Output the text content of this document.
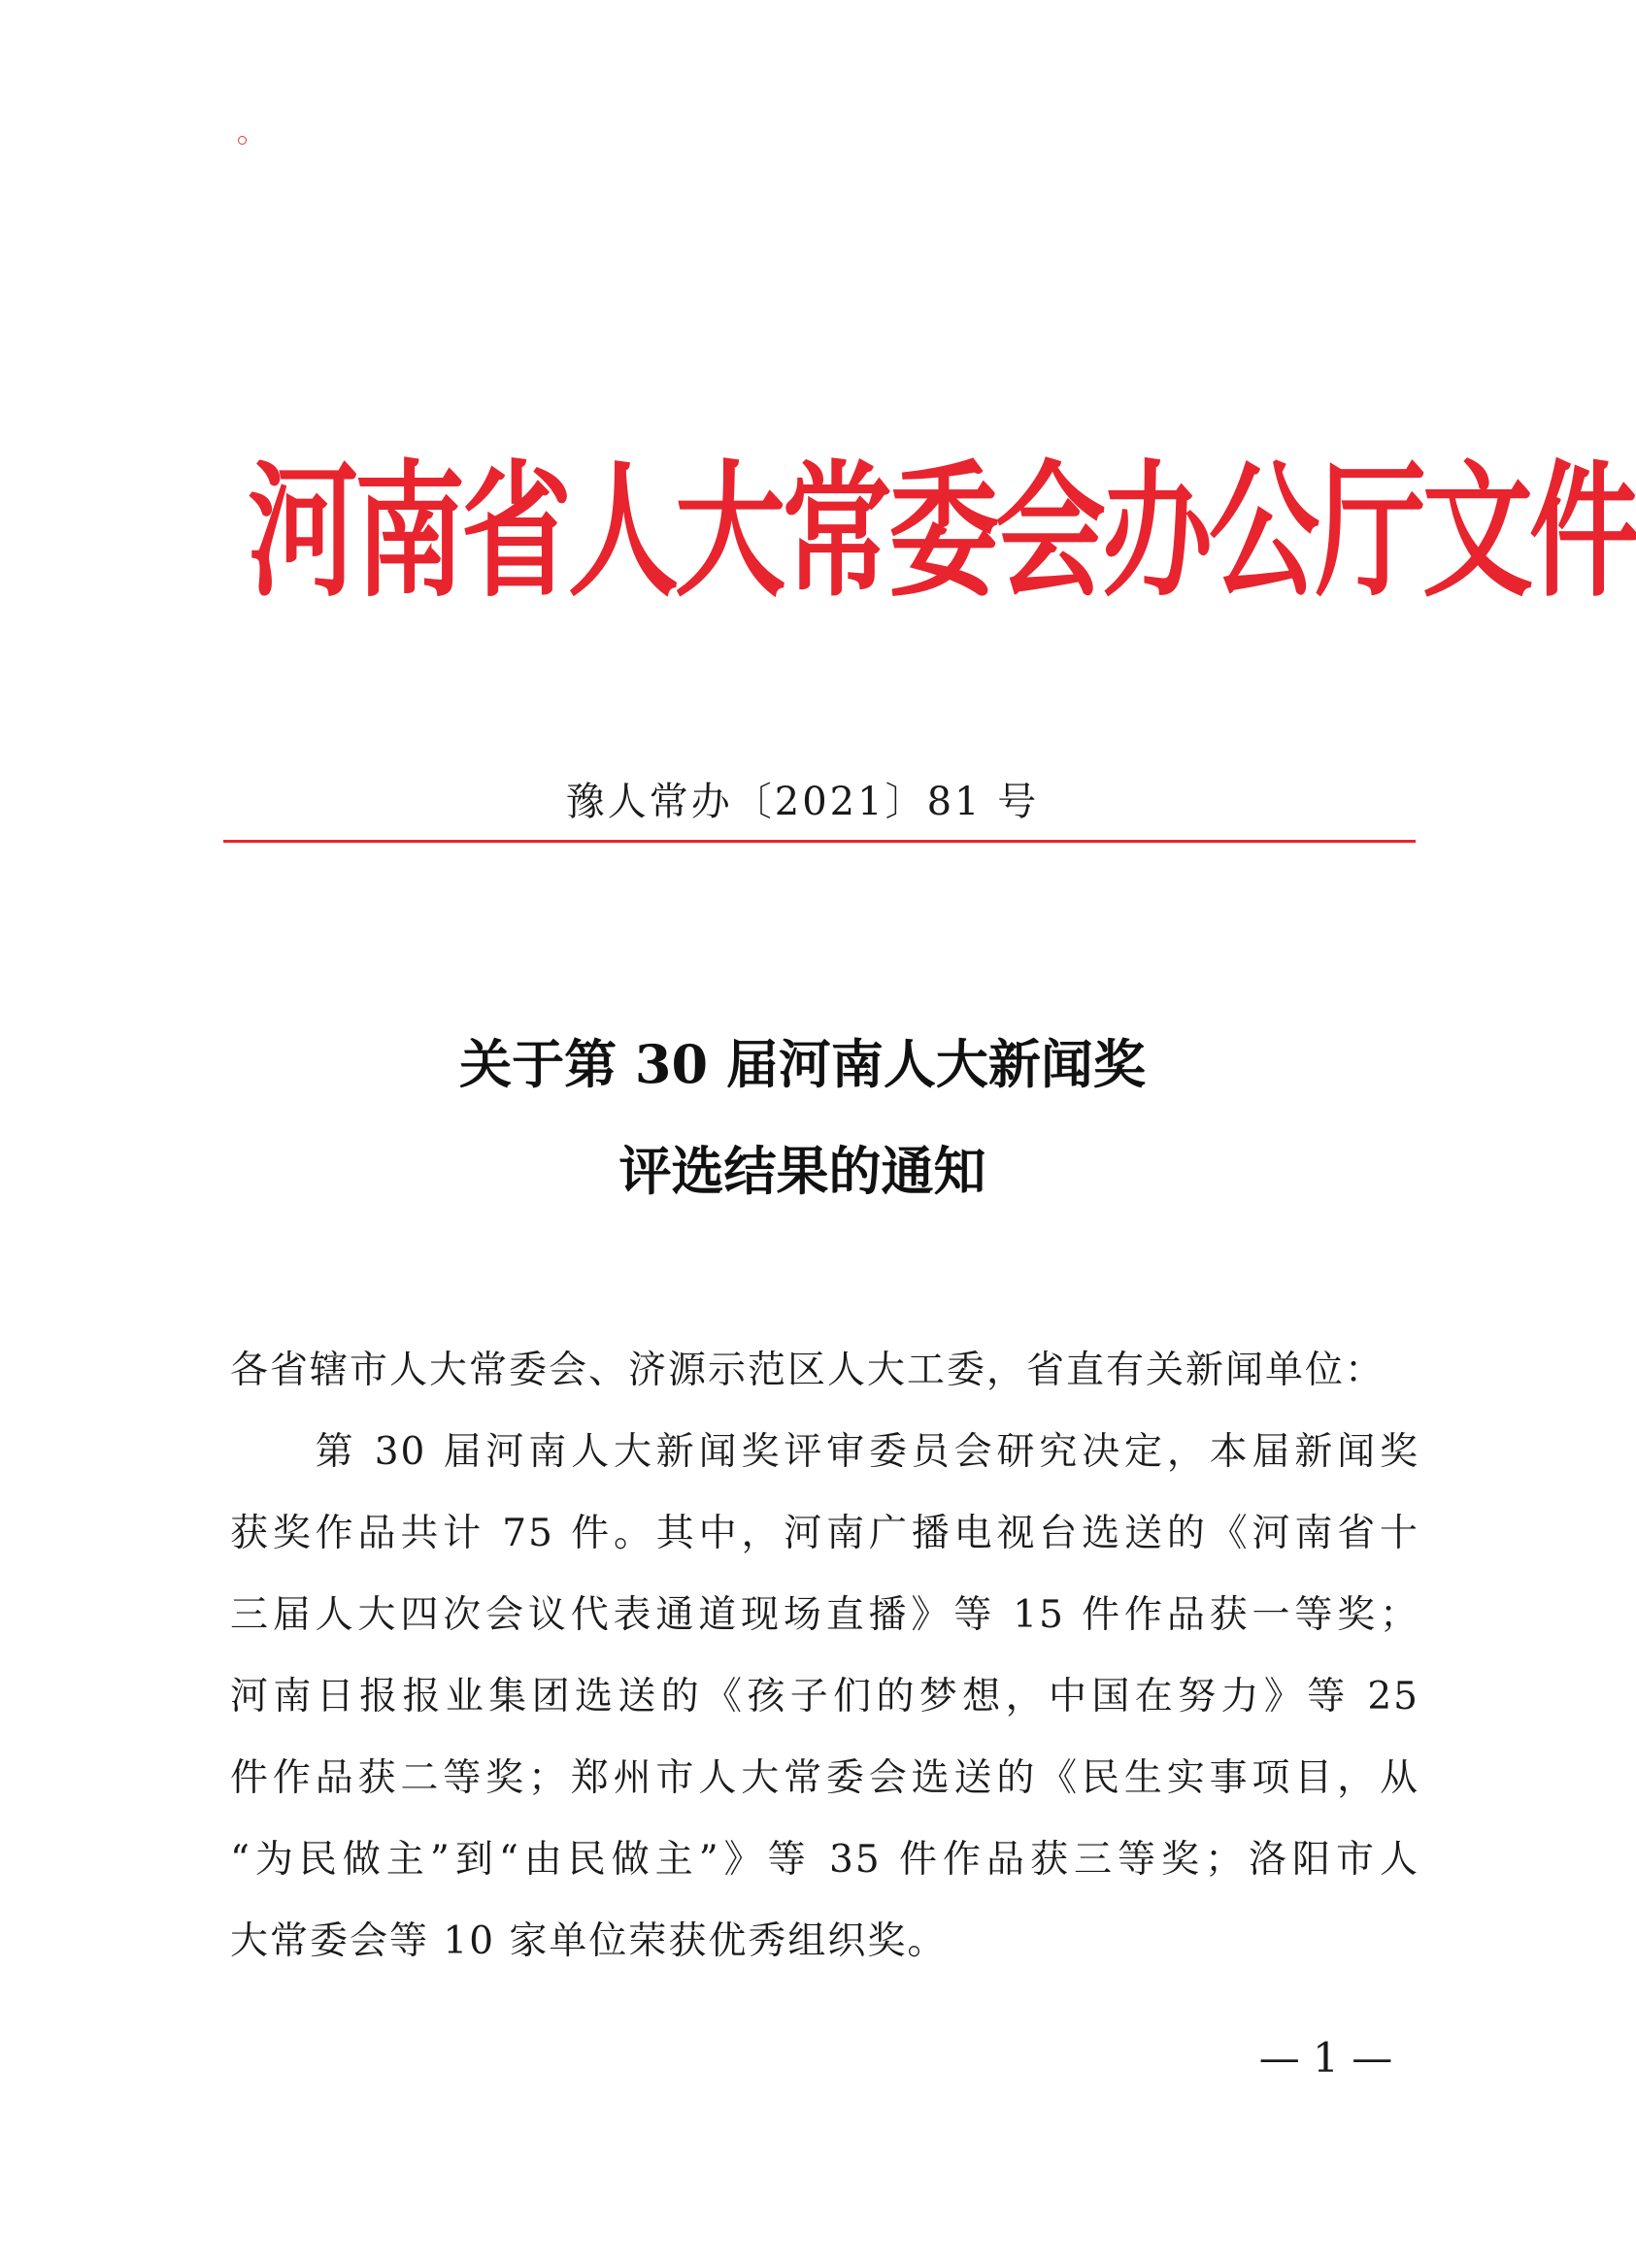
河南省人大常委会办公厅文件
豫人常办〔2021〕81 号
关于第 30 届河南人大新闻奖
评选结果的通知
各省辖市人大常委会、济源示范区人大工委，省直有关新闻单位：
　　第 30 届河南人大新闻奖评审委员会研究决定，本届新闻奖
获奖作品共计 75 件。其中，河南广播电视台选送的《河南省十
三届人大四次会议代表通道现场直播》等 15 件作品获一等奖；
河南日报报业集团选送的《孩子们的梦想，中国在努力》等 25
件作品获二等奖；郑州市人大常委会选送的《民生实事项目，从
“为民做主”到“由民做主”》等 35 件作品获三等奖；洛阳市人
大常委会等 10 家单位荣获优秀组织奖。
— 1 —
